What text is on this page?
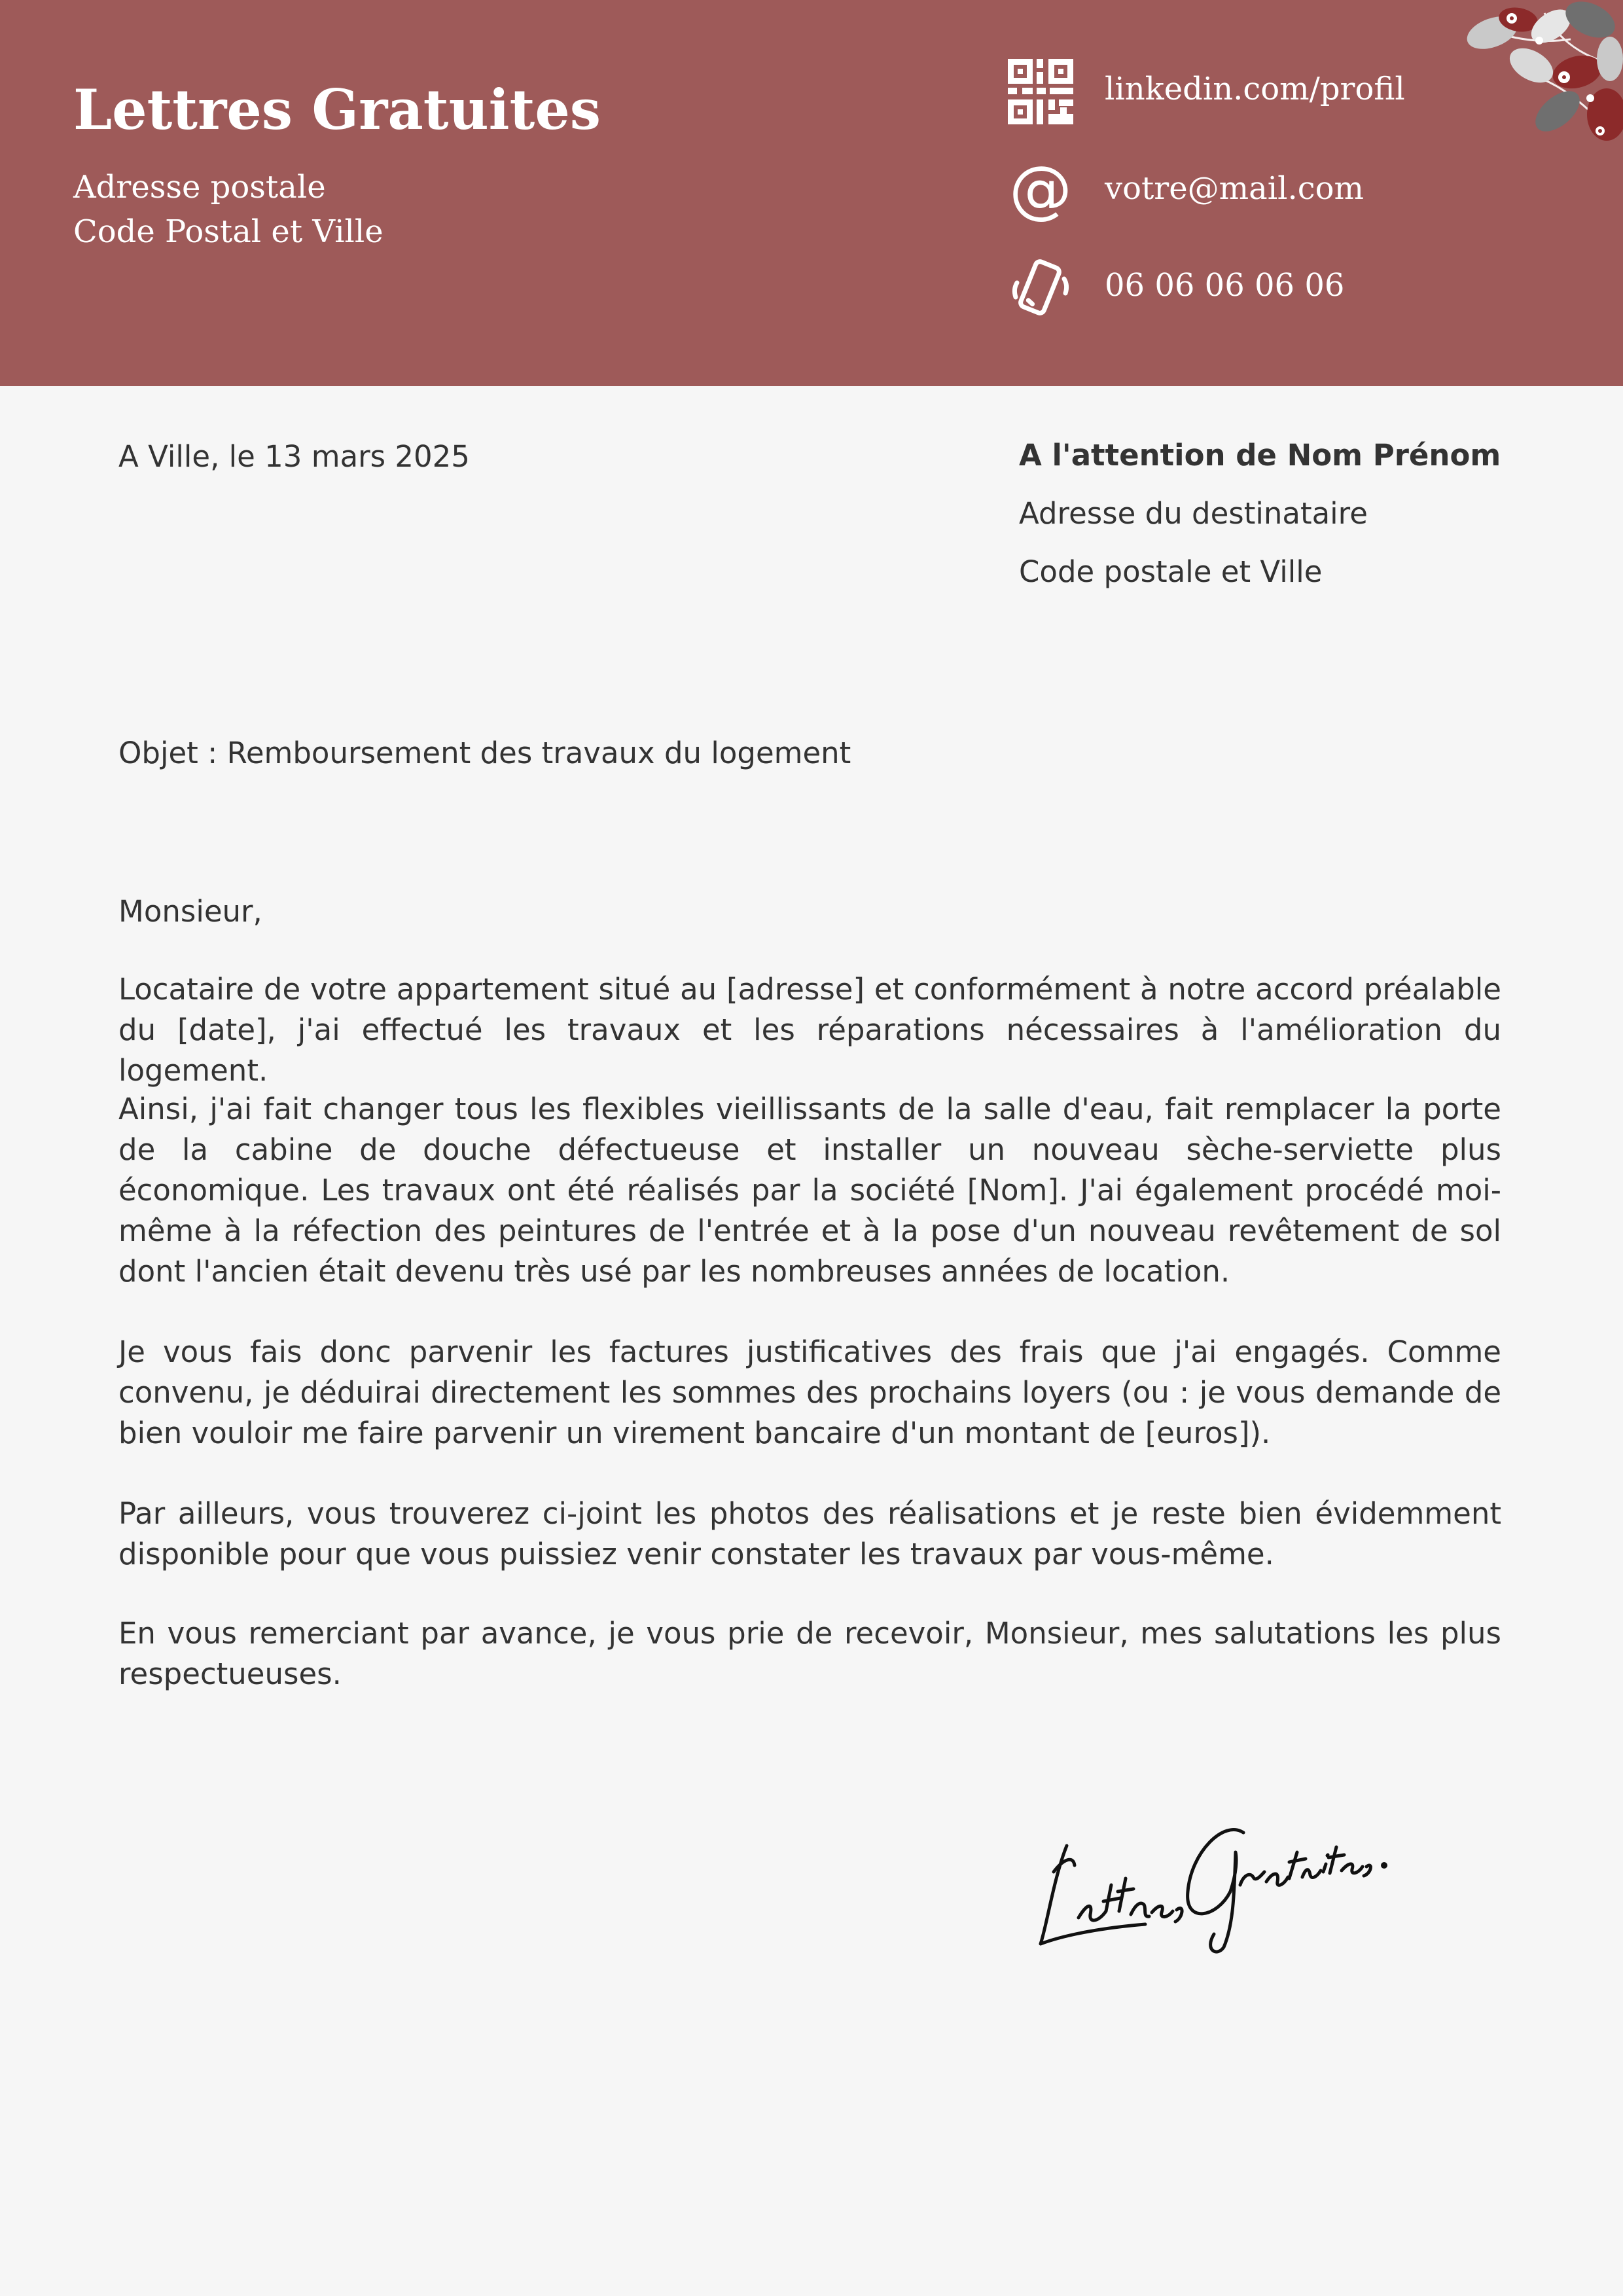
Lettres Gratuites
Adresse postale
Code Postal et Ville
linkedin.com/profil
@ votre@mail.com
06 06 06 06 06
A Ville, le 13 mars 2025	A l'attention de Nom Prénom
Adresse du destinataire
Code postale et Ville
Objet : Remboursement des travaux du logement
Monsieur,

Locataire de votre appartement situé au [adresse] et conformément à notre accord préalable du [date], j'ai effectué les travaux et les réparations nécessaires à l'amélioration du logement.

Ainsi, j'ai fait changer tous les flexibles vieillissants de la salle d'eau, fait remplacer la porte de la cabine de douche défectueuse et installer un nouveau sèche-serviette plus économique. Les travaux ont été réalisés par la société [Nom]. J'ai également procédé moi-même à la réfection des peintures de l'entrée et à la pose d'un nouveau revêtement de sol dont l'ancien était devenu très usé par les nombreuses années de location.

Je vous fais donc parvenir les factures justificatives des frais que j'ai engagés. Comme convenu, je déduirai directement les sommes des prochains loyers (ou : je vous demande de bien vouloir me faire parvenir un virement bancaire d'un montant de [euros]).

Par ailleurs, vous trouverez ci-joint les photos des réalisations et je reste bien évidemment disponible pour que vous puissiez venir constater les travaux par vous-même.

En vous remerciant par avance, je vous prie de recevoir, Monsieur, mes salutations les plus respectueuses.
